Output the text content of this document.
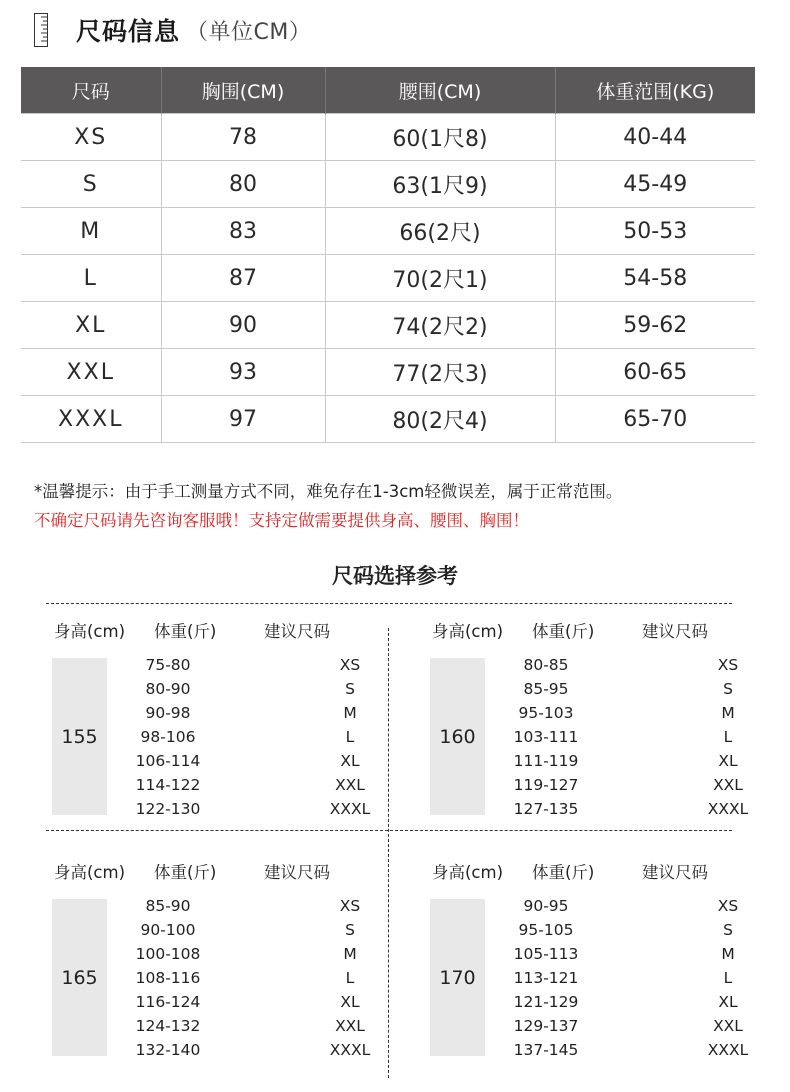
尺码信息 （单位CM）
尺码	胸围(CM)	腰围(CM)	体重范围(KG)
XS	78	60(1尺8)	40-44
S	80	63(1尺9)	45-49
M	83	66(2尺)	50-53
L	87	70(2尺1)	54-58
XL	90	74(2尺2)	59-62
XXL	93	77(2尺3)	60-65
XXXL	97	80(2尺4)	65-70
*温馨提示：由于手工测量方式不同，难免存在1-3cm轻微误差，属于正常范围。
不确定尺码请先咨询客服哦！支持定做需要提供身高、腰围、胸围！
尺码选择参考
身高(cm) 体重(斤)	建议尺码
155
75-80	XS
80-90	S
90-98	M
98-106	L
106-114	XL
114-122	XXL
122-130	XXXL
身高(cm) 体重(斤)	建议尺码
160
80-85	XS
85-95	S
95-103	M
103-111	L
111-119	XL
119-127	XXL
127-135	XXXL
身高(cm) 体重(斤)	建议尺码
165
85-90	XS
90-100	S
100-108	M
108-116	L
116-124	XL
124-132	XXL
132-140	XXXL
身高(cm) 体重(斤)	建议尺码
170
90-95	XS
95-105	S
105-113	M
113-121	L
121-129	XL
129-137	XXL
137-145	XXXL
